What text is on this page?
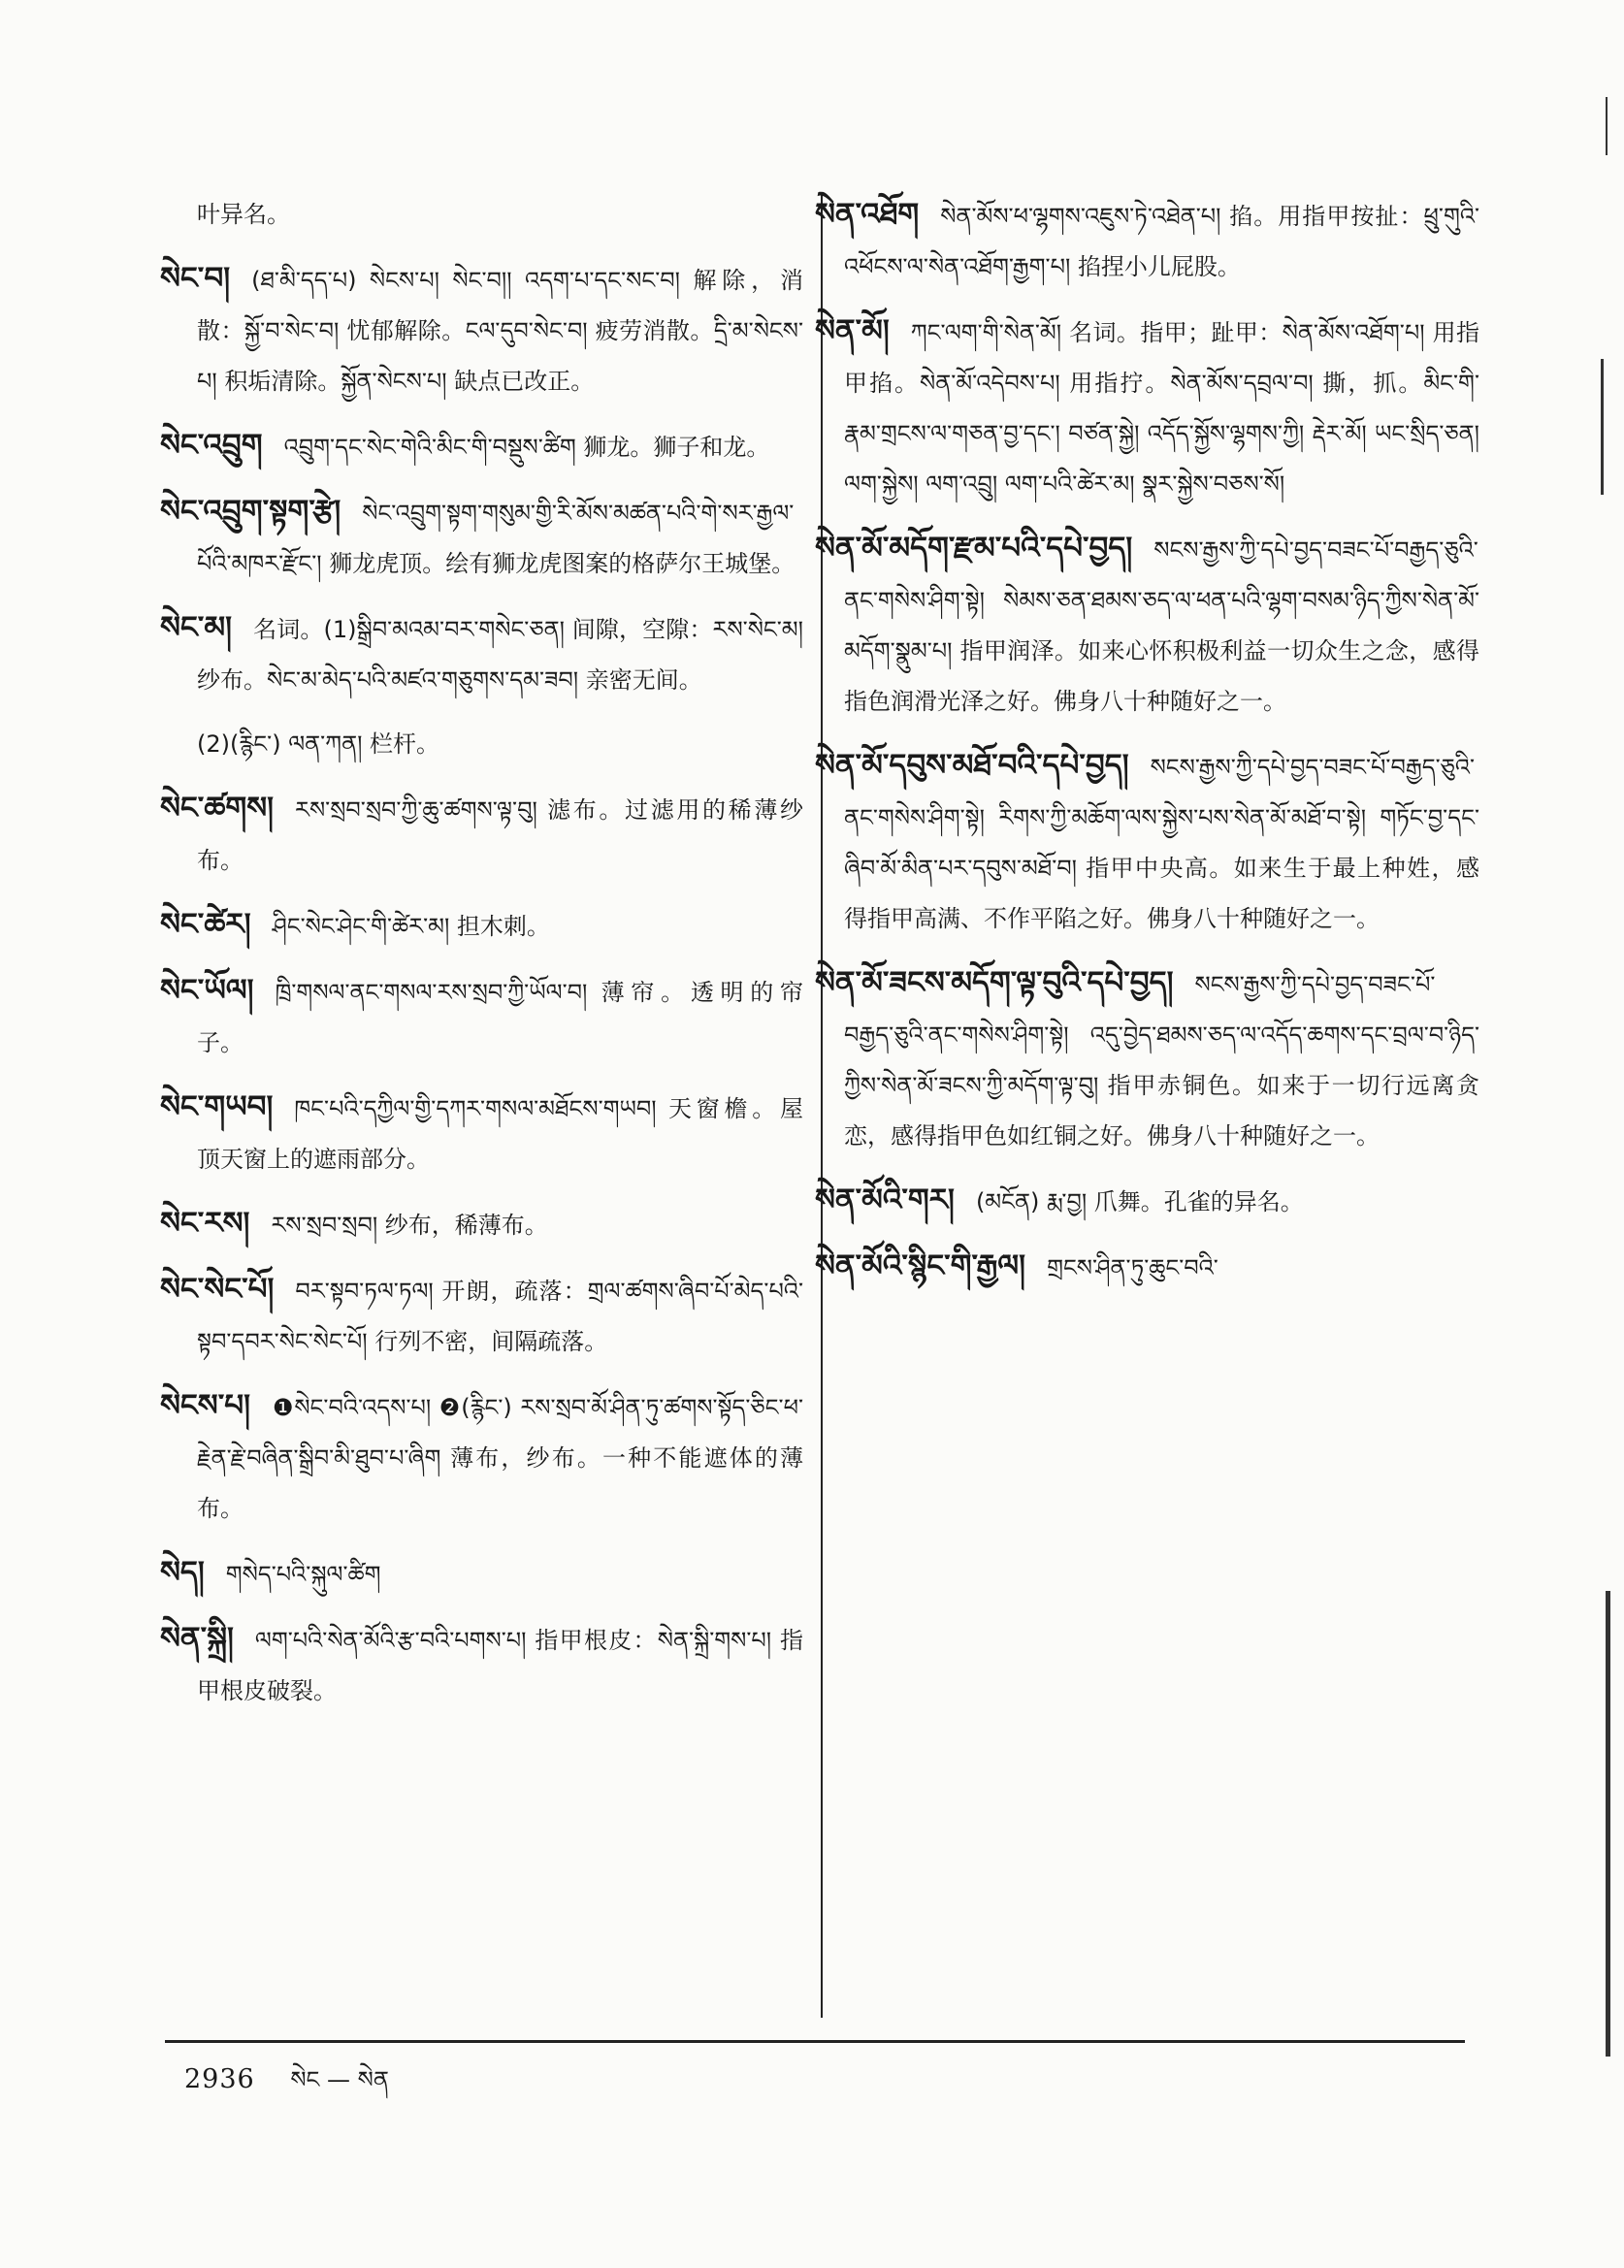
叶异名。

སེང་བ། (ཐ་མི་དད་པ) སེངས་པ། སེང་བ།། འདག་པ་དང་སང་བ། 解除，消散：སྐྱོ་བ་སེང་བ། 忧郁解除。ངལ་དུབ་སེང་བ། 疲劳消散。དྲི་མ་སེངས་པ། 积垢清除。སྐྱོན་སེངས་པ། 缺点已改正。

སེང་འབྲུག འབྲུག་དང་སེང་གེའི་མིང་གི་བསྡུས་ཚིག 狮龙。狮子和龙。

སེང་འབྲུག་སྟག་རྩེ། སེང་འབྲུག་སྟག་གསུམ་གྱི་རི་མོས་མཚན་པའི་གེ་སར་རྒྱལ་པོའི་མཁར་རྫོང་། 狮龙虎顶。绘有狮龙虎图案的格萨尔王城堡。

སེང་མ། 名词。(1)སྒྲིབ་མའམ་བར་གསེང་ཅན། 间隙，空隙：རས་སེང་མ། 纱布。སེང་མ་མེད་པའི་མཛའ་གཅུགས་དམ་ཟབ། 亲密无间。

(2)(རྙིང་) ལན་ཀན། 栏杆。

སེང་ཚགས། རས་སྲབ་སྲབ་ཀྱི་ཆུ་ཚགས་ལྟ་བུ། 滤布。过滤用的稀薄纱布。

སེང་ཚེར། ཤིང་སེང་ཤེང་གི་ཚེར་མ། 担木刺。

སེང་ཡོལ། ཁྲི་གསལ་ནང་གསལ་རས་སྲབ་ཀྱི་ཡོལ་བ། 薄帘。透明的帘子。

སེང་གཡབ། ཁང་པའི་དཀྱིལ་གྱི་དཀར་གསལ་མཐོངས་གཡབ། 天窗檐。屋顶天窗上的遮雨部分。

སེང་རས། རས་སྲབ་སྲབ། 纱布，稀薄布。

སེང་སེང་པོ། བར་སྟབ་ཏལ་ཏལ། 开朗，疏落：གྲལ་ཚགས་ཞིབ་པོ་མེད་པའི་སྟབ་དབར་སེང་སེང་པོ། 行列不密，间隔疏落。

སེངས་པ། ❶སེང་བའི་འདས་པ། ❷(རྙིང་) རས་སྲབ་མོ་ཤིན་ཏུ་ཚགས་སྟོད་ཅིང་ཕ་རྗེན་རྗེ་བཞིན་སྒྲིབ་མི་ཐུབ་པ་ཞིག 薄布，纱布。一种不能遮体的薄布。

སེད། གསེད་པའི་སྐུལ་ཚིག

སེན་སྐྲི། ལག་པའི་སེན་མོའི་རྩ་བའི་པགས་པ། 指甲根皮：སེན་སྐྲི་གས་པ། 指甲根皮破裂。

སེན་འཐོག སེན་མོས་ཕ་ལྷགས་འཇུས་ཏེ་འཐེན་པ། 掐。用指甲按扯：ཕྲུ་གུའི་འཕོངས་ལ་སེན་འཐོག་རྒྱག་པ། 掐捏小儿屁股。

སེན་མོ། ཀང་ལག་གི་སེན་མོ། 名词。指甲；趾甲：སེན་མོས་འཐོག་པ། 用指甲掐。སེན་མོ་འདེབས་པ། 用指拧。སེན་མོས་དབྲལ་བ། 撕，抓。མིང་གི་རྣམ་གྲངས་ལ་གཅན་བྱ་དང་། བཙན་སྐྱེ། འདོད་སྐྱོས་ལྷགས་ཀྱི། རྡེར་མོ། ཡང་སྲིད་ཅན། ལག་སྐྱེས། ལག་འབྲུ། ལག་པའི་ཚེར་མ། སྣར་སྐྱེས་བཅས་སོ།

སེན་མོ་མདོག་རྫམ་པའི་དཔེ་བྱད། སངས་རྒྱས་ཀྱི་དཔེ་བྱད་བཟང་པོ་བརྒྱད་ཅུའི་ནང་གསེས་ཤིག་སྟེ། སེམས་ཅན་ཐམས་ཅད་ལ་ཕན་པའི་ལྷག་བསམ་ཉིད་ཀྱིས་སེན་མོ་མདོག་སྣུམ་པ། 指甲润泽。如来心怀积极利益一切众生之念，感得指色润滑光泽之好。佛身八十种随好之一。

སེན་མོ་དབུས་མཐོ་བའི་དཔེ་བྱད། སངས་རྒྱས་ཀྱི་དཔེ་བྱད་བཟང་པོ་བརྒྱད་ཅུའི་ནང་གསེས་ཤིག་སྟེ། རིགས་ཀྱི་མཆོག་ལས་སྐྱེས་པས་སེན་མོ་མཐོ་བ་སྟེ། གཏོང་བྱ་དང་ཞིབ་མོ་མིན་པར་དབུས་མཐོ་བ། 指甲中央高。如来生于最上种姓，感得指甲高满、不作平陷之好。佛身八十种随好之一。

སེན་མོ་ཟངས་མདོག་ལྟ་བུའི་དཔེ་བྱད། སངས་རྒྱས་ཀྱི་དཔེ་བྱད་བཟང་པོ་བརྒྱད་ཅུའི་ནང་གསེས་ཤིག་སྟེ། འདུ་བྱེད་ཐམས་ཅད་ལ་འདོད་ཆགས་དང་བྲལ་བ་ཉིད་ཀྱིས་སེན་མོ་ཟངས་ཀྱི་མདོག་ལྟ་བུ། 指甲赤铜色。如来于一切行远离贪恋，感得指甲色如红铜之好。佛身八十种随好之一。

སེན་མོའི་གར། (མངོན) རྨ་བྱ། 爪舞。孔雀的异名。

སེན་མོའི་སྙིང་གི་རྒྱལ། གྲངས་ཤིན་ཏུ་ཆུང་བའི་

2936 སེང — སེན
